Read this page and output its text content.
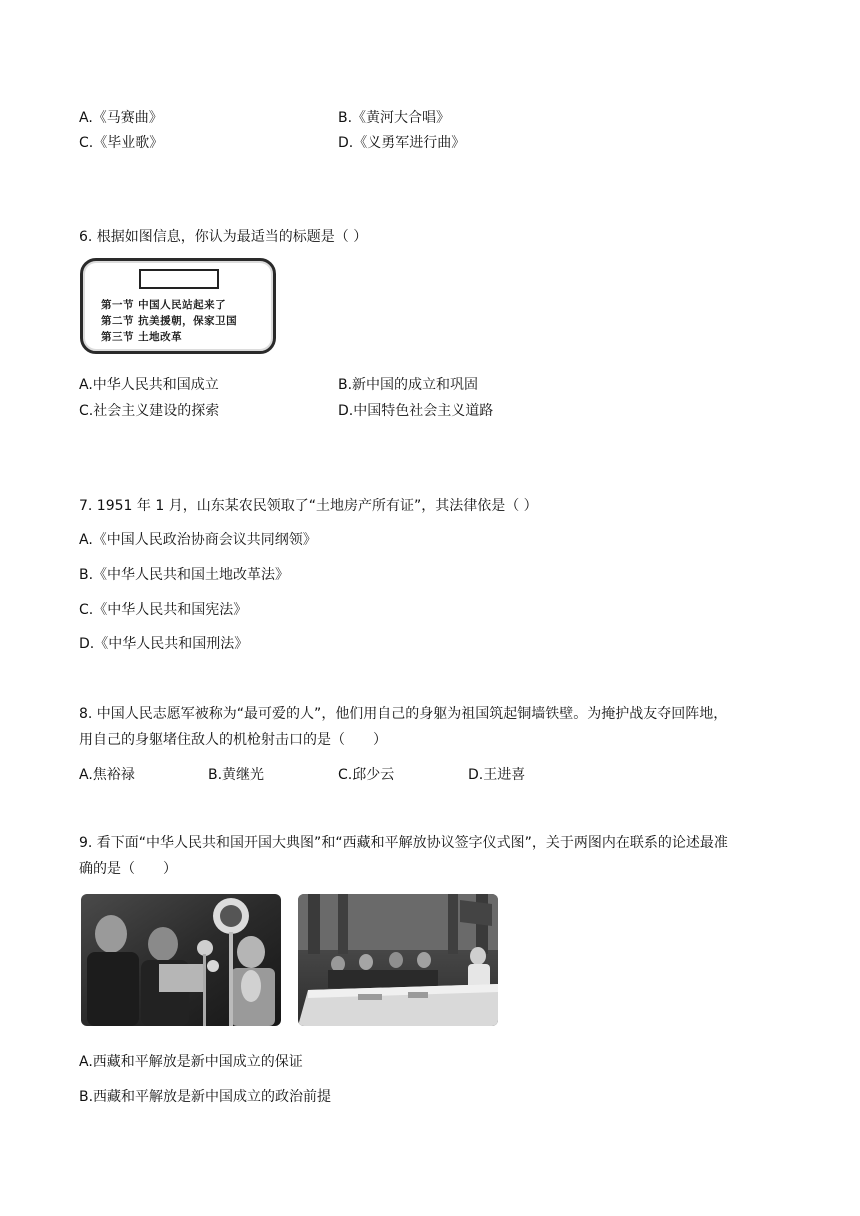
A.《马赛曲》	B.《黄河大合唱》
C.《毕业歌》	D.《义勇军进行曲》
6. 根据如图信息，你认为最适当的标题是（ ）
第一节 中国人民站起来了
第二节 抗美援朝，保家卫国
第三节 土地改革
A.中华人民共和国成立	B.新中国的成立和巩固
C.社会主义建设的探索	D.中国特色社会主义道路
7. 1951 年 1 月，山东某农民领取了“土地房产所有证”，其法律依是（ ）
A.《中国人民政治协商会议共同纲领》
B.《中华人民共和国土地改革法》
C.《中华人民共和国宪法》
D.《中华人民共和国刑法》
8. 中国人民志愿军被称为“最可爱的人”，他们用自己的身躯为祖国筑起铜墙铁壁。为掩护战友夺回阵地，
用自己的身躯堵住敌人的机枪射击口的是（　　）
A.焦裕禄	B.黄继光	C.邱少云	D.王进喜
9. 看下面“中华人民共和国开国大典图”和“西藏和平解放协议签字仪式图”，关于两图内在联系的论述最准
确的是（　　）
A.西藏和平解放是新中国成立的保证
B.西藏和平解放是新中国成立的政治前提
